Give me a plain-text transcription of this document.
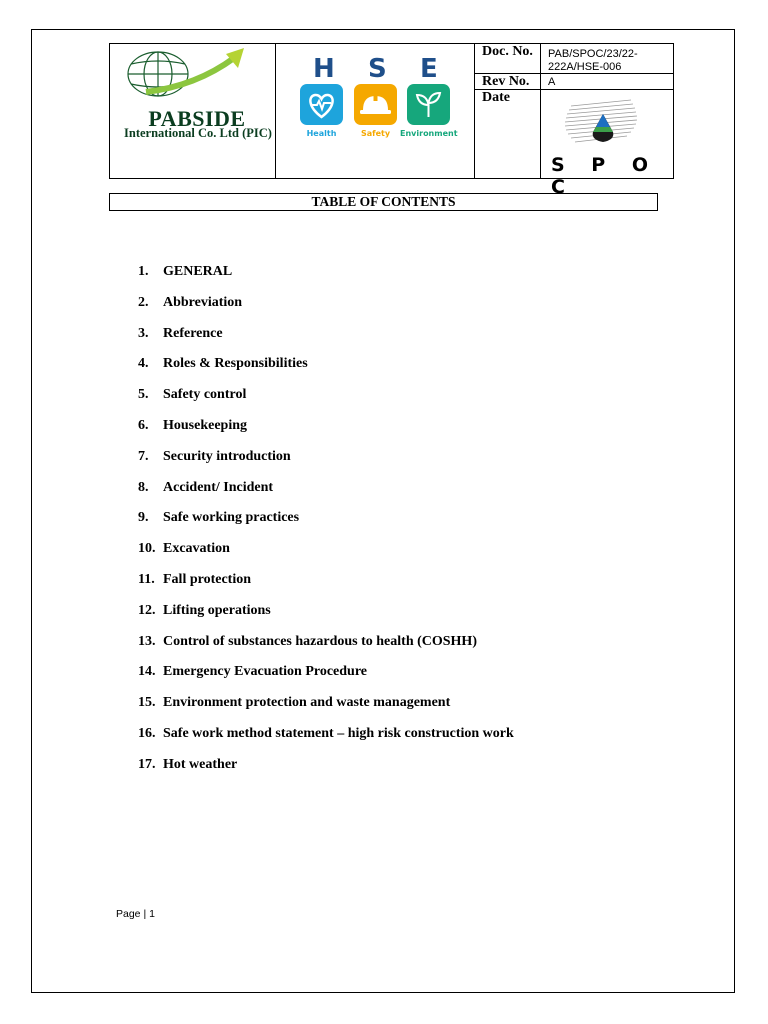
PABSIDE
International Co. Ltd (PIC)
H S E
Health	Safety	Environment
Doc. No. PAB/SPOC/23/22-
222A/HSE-006
Rev No. A
Date
S P O C
TABLE OF CONTENTS
1.	GENERAL
2.	Abbreviation
3.	Reference
4.	Roles & Responsibilities
5.	Safety control
6.	Housekeeping
7.	Security introduction
8.	Accident/ Incident
9.	Safe working practices
10. Excavation
11. Fall protection
12. Lifting operations
13. Control of substances hazardous to health (COSHH)
14. Emergency Evacuation Procedure
15. Environment protection and waste management
16. Safe work method statement – high risk construction work
17. Hot weather
Page | 1
